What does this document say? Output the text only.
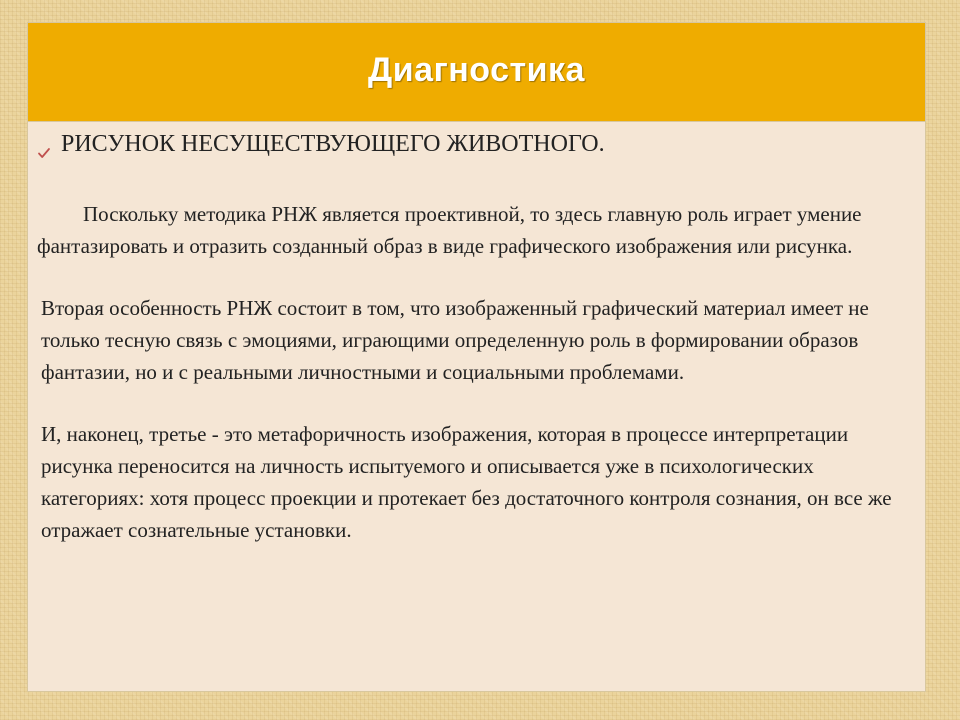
Диагностика

РИСУНОК НЕСУЩЕСТВУЮЩЕГО ЖИВОТНОГО.

Поскольку методика РНЖ является проективной, то здесь главную роль играет умение фантазировать и отразить созданный образ в виде графического изображения или рисунка.

Вторая особенность РНЖ состоит в том, что изображенный графический материал имеет не только тесную связь с эмоциями, играющими определенную роль в формировании образов фантазии, но и с реальными личностными и социальными проблемами.

И, наконец, третье - это метафоричность изображения, которая в процессе интерпретации рисунка переносится на личность испытуемого и описывается уже в психологических категориях: хотя процесс проекции и протекает без достаточного контроля сознания, он все же отражает сознательные установки.
